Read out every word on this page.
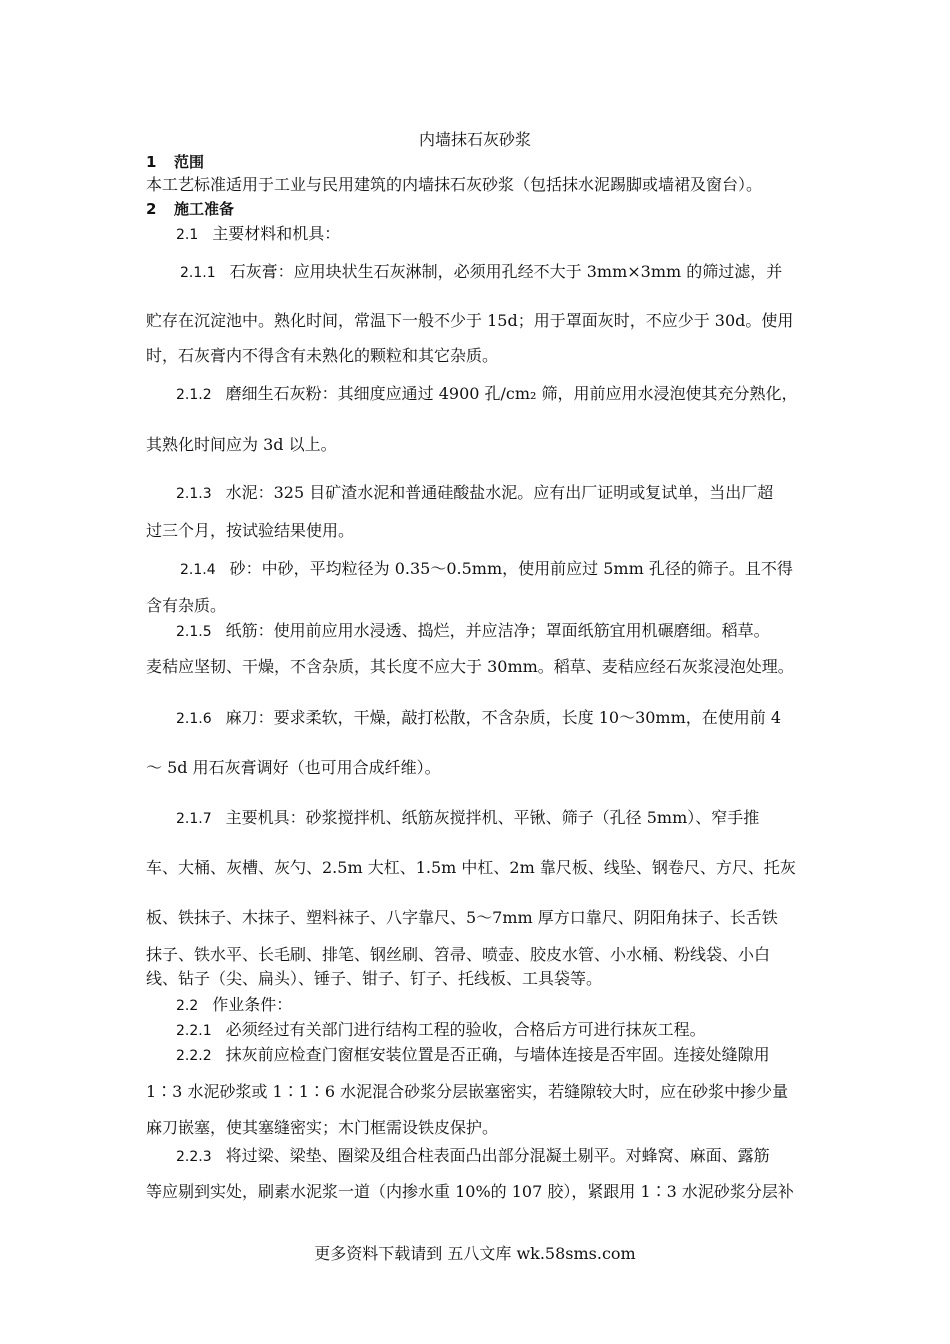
内墙抹石灰砂浆
1 范围
本工艺标准适用于工业与民用建筑的内墙抹石灰砂浆（包括抹水泥踢脚或墙裙及窗台）。
2 施工准备
2.1 主要材料和机具：
2.1.1 石灰膏：应用块状生石灰淋制，必须用孔经不大于 3mm×3mm 的筛过滤，并
贮存在沉淀池中。熟化时间，常温下一般不少于 15d；用于罩面灰时，不应少于 30d。使用
时，石灰膏内不得含有未熟化的颗粒和其它杂质。
2.1.2 磨细生石灰粉：其细度应通过 4900 孔/cm₂ 筛，用前应用水浸泡使其充分熟化，
其熟化时间应为 3d 以上。
2.1.3 水泥：325 目矿渣水泥和普通硅酸盐水泥。应有出厂证明或复试单，当出厂超
过三个月，按试验结果使用。
2.1.4 砂：中砂，平均粒径为 0.35～0.5mm，使用前应过 5mm 孔径的筛子。且不得
含有杂质。
2.1.5 纸筋：使用前应用水浸透、捣烂，并应洁净；罩面纸筋宜用机碾磨细。稻草。
麦秸应坚韧、干燥，不含杂质，其长度不应大于 30mm。稻草、麦秸应经石灰浆浸泡处理。
2.1.6 麻刀：要求柔软，干燥，敲打松散，不含杂质，长度 10～30mm，在使用前 4
～ 5d 用石灰膏调好（也可用合成纤维）。
2.1.7 主要机具：砂浆搅拌机、纸筋灰搅拌机、平锹、筛子（孔径 5mm）、窄手推
车、大桶、灰槽、灰勺、2.5m 大杠、1.5m 中杠、2m 靠尺板、线坠、钢卷尺、方尺、托灰
板、铁抹子、木抹子、塑料袜子、八字靠尺、5～7mm 厚方口靠尺、阴阳角抹子、长舌铁
抹子、铁水平、长毛刷、排笔、钢丝刷、笤帚、喷壶、胶皮水管、小水桶、粉线袋、小白
线、钻子（尖、扁头）、锤子、钳子、钉子、托线板、工具袋等。
2.2 作业条件：
2.2.1 必须经过有关部门进行结构工程的验收，合格后方可进行抹灰工程。
2.2.2 抹灰前应检查门窗框安装位置是否正确，与墙体连接是否牢固。连接处缝隙用
1∶3 水泥砂浆或 1∶1∶6 水泥混合砂浆分层嵌塞密实，若缝隙较大时，应在砂浆中掺少量
麻刀嵌塞，使其塞缝密实；木门框需设铁皮保护。
2.2.3 将过梁、梁垫、圈梁及组合柱表面凸出部分混凝土剔平。对蜂窝、麻面、露筋
等应剔到实处，刷素水泥浆一道（内掺水重 10%的 107 胶），紧跟用 1∶3 水泥砂浆分层补
更多资料下载请到 五八文库 wk.58sms.com
